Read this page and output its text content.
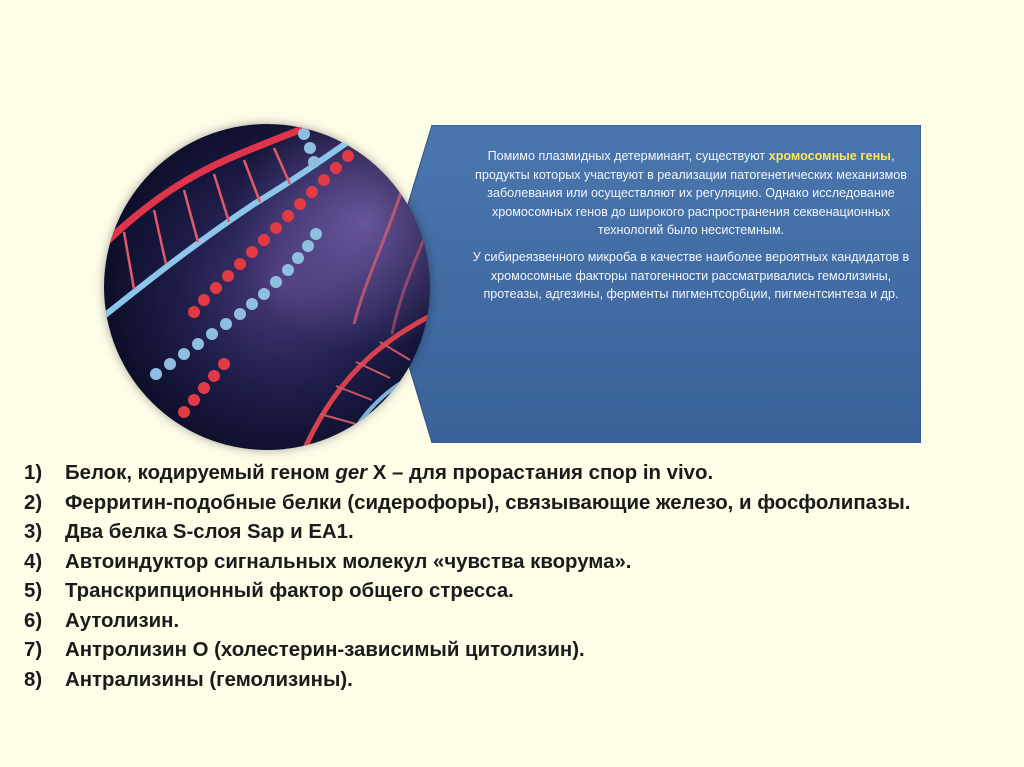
Помимо плазмидных детерминант, существуют хромосомные гены, продукты которых участвуют в реализации патогенетических механизмов заболевания или осуществляют их регуляцию. Однако исследование хромосомных генов до широкого распространения секвенационных технологий было несистемным.

У сибиреязвенного микроба в качестве наиболее вероятных кандидатов в хромосомные факторы патогенности рассматривались гемолизины, протеазы, адгезины, ферменты пигментсорбции, пигментсинтеза и др.

1) Белок, кодируемый геном ger X – для прорастания спор in vivo.
2) Ферритин-подобные белки (сидерофоры), связывающие железо, и фосфолипазы.
3) Два белка S-слоя Sap и EA1.
4) Автоиндуктор сигнальных молекул «чувства кворума».
5) Транскрипционный фактор общего стресса.
6) Аутолизин.
7) Антролизин О (холестерин-зависимый цитолизин).
8) Антрализины (гемолизины).
